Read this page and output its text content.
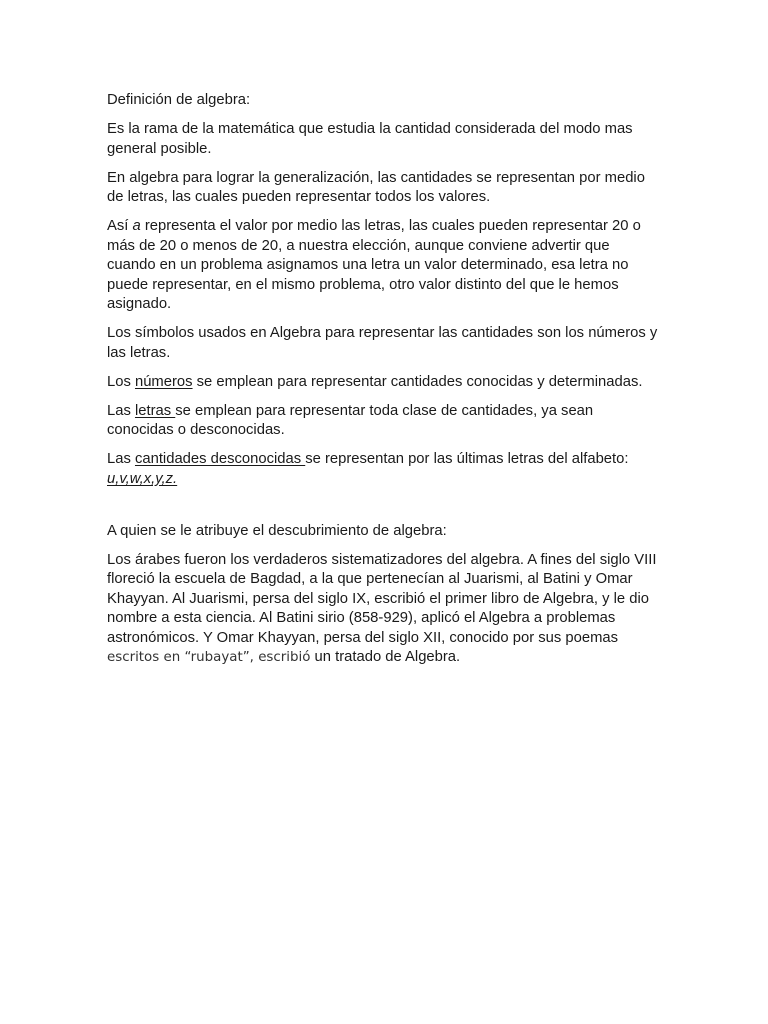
Definición de algebra:

Es la rama de la matemática que estudia la cantidad considerada del modo mas general posible.

En algebra para lograr la generalización, las cantidades se representan por medio de letras, las cuales pueden representar todos los valores.

Así a representa el valor por medio las letras, las cuales pueden representar 20 o más de 20 o menos de 20, a nuestra elección, aunque conviene advertir que cuando en un problema asignamos una letra un valor determinado, esa letra no puede representar, en el mismo problema, otro valor distinto del que le hemos asignado.

Los símbolos usados en Algebra para representar las cantidades son los números y las letras.

Los números se emplean para representar cantidades conocidas y determinadas.

Las letras se emplean para representar toda clase de cantidades, ya sean conocidas o desconocidas.

Las cantidades desconocidas se representan por las últimas letras del alfabeto: u,v,w,x,y,z.

A quien se le atribuye el descubrimiento de algebra:

Los árabes fueron los verdaderos sistematizadores del algebra. A fines del siglo VIII floreció la escuela de Bagdad, a la que pertenecían al Juarismi, al Batini y Omar Khayyan. Al Juarismi, persa del siglo IX, escribió el primer libro de Algebra, y le dio nombre a esta ciencia. Al Batini sirio (858-929), aplicó el Algebra a problemas astronómicos. Y Omar Khayyan, persa del siglo XII, conocido por sus poemas escritos en “rubayat”, escribió un tratado de Algebra.
